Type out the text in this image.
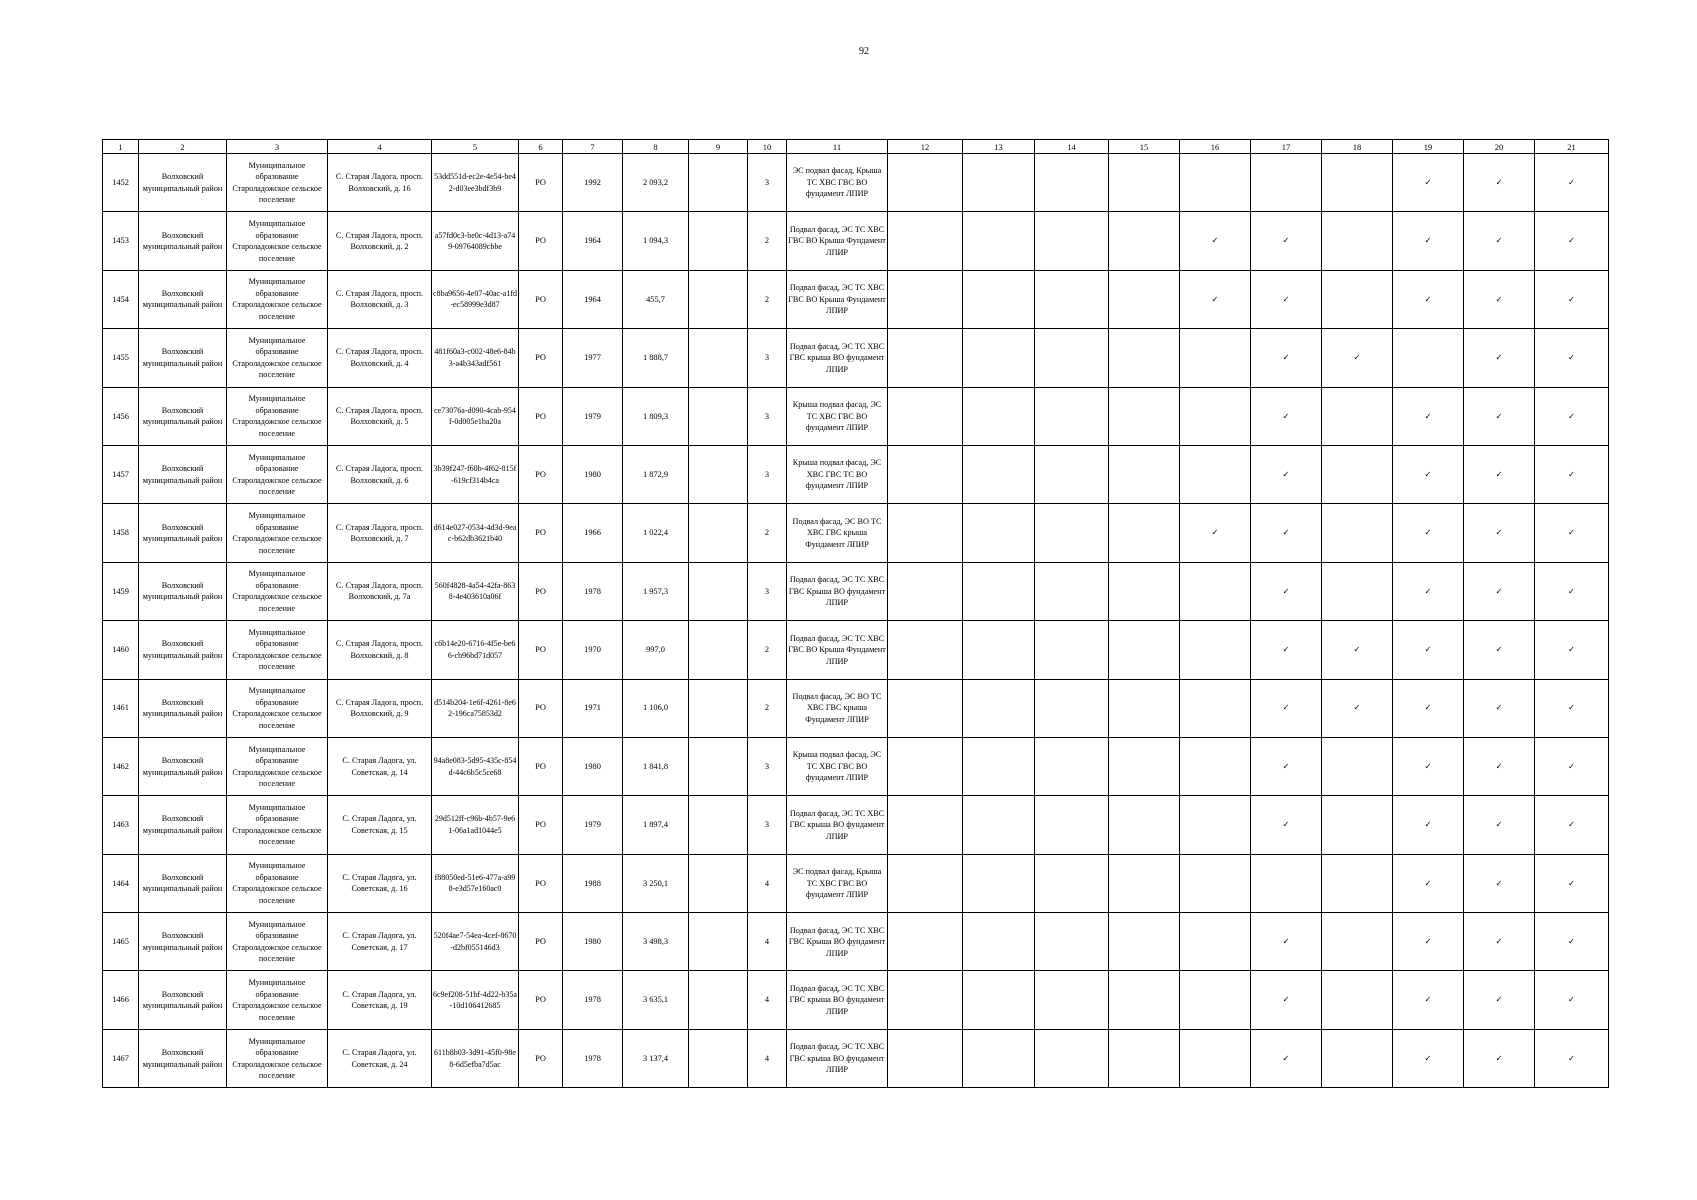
92
1	2	3	4	5	6	7	8	9	10	11	12	13	14	15	16	17	18	19	20	21
1452	Волховский муниципальный район	Муниципальное образование Староладожское сельское поселение	С. Старая Ладога, просп. Волховский, д. 16	53dd551d-ec2e-4e54-be42-d03ee3bdf3b9	РО	1992	2 093,2		3	ЭС подвал фасад, Крыша ТС ХВС ГВС ВО фундамент ЛПИР								✓	✓	✓
1453	Волховский муниципальный район	Муниципальное образование Староладожское сельское поселение	С. Старая Ладога, просп. Волховский, д. 2	a57fd0c3-be0c-4d13-a749-09764089cbbe	РО	1964	1 094,3		2	Подвал фасад, ЭС ТС ХВС ГВС ВО Крыша Фундамент ЛПИР					✓	✓		✓	✓	✓
1454	Волховский муниципальный район	Муниципальное образование Староладожское сельское поселение	С. Старая Ладога, просп. Волховский, д. 3	c8ba9656-4e07-40ac-a1fd-ec58999e3d87	РО	1964	455,7		2	Подвал фасад, ЭС ТС ХВС ГВС ВО Крыша Фундамент ЛПИР					✓	✓		✓	✓	✓
1455	Волховский муниципальный район	Муниципальное образование Староладожское сельское поселение	С. Старая Ладога, просп. Волховский, д. 4	481f60a3-c002-48e6-84b3-a4b343adf561	РО	1977	1 888,7		3	Подвал фасад, ЭС ТС ХВС ГВС крыша ВО фундамент ЛПИР						✓	✓		✓	✓
1456	Волховский муниципальный район	Муниципальное образование Староладожское сельское поселение	С. Старая Ладога, просп. Волховский, д. 5	ce73076a-d090-4cab-954f-0d005e1ba20a	РО	1979	1 809,3		3	Крыша подвал фасад, ЭС ТС ХВС ГВС ВО фундамент ЛПИР						✓		✓	✓	✓
1457	Волховский муниципальный район	Муниципальное образование Староладожское сельское поселение	С. Старая Ладога, просп. Волховский, д. 6	3b39f247-f60b-4f62-815f-619cf314b4ca	РО	1980	1 872,9		3	Крыша подвал фасад, ЭС ХВС ГВС ТС ВО фундамент ЛПИР						✓		✓	✓	✓
1458	Волховский муниципальный район	Муниципальное образование Староладожское сельское поселение	С. Старая Ладога, просп. Волховский, д. 7	d614e027-0534-4d3d-9eac-b62db3621b40	РО	1966	1 022,4		2	Подвал фасад, ЭС ВО ТС ХВС ГВС крыша Фундамент ЛПИР					✓	✓		✓	✓	✓
1459	Волховский муниципальный район	Муниципальное образование Староладожское сельское поселение	С. Старая Ладога, просп. Волховский, д. 7а	560f4828-4a54-42fa-8638-4e403610a06f	РО	1978	1 957,3		3	Подвал фасад, ЭС ТС ХВС ГВС Крыша ВО фундамент ЛПИР						✓		✓	✓	✓
1460	Волховский муниципальный район	Муниципальное образование Староладожское сельское поселение	С. Старая Ладога, просп. Волховский, д. 8	c6b14e20-6716-4f5e-be66-cb96bd71d057	РО	1970	997,0		2	Подвал фасад, ЭС ТС ХВС ГВС ВО Крыша Фундамент ЛПИР						✓	✓	✓	✓	✓
1461	Волховский муниципальный район	Муниципальное образование Староладожское сельское поселение	С. Старая Ладога, просп. Волховский, д. 9	d514b204-1e6f-4261-8e62-196ca75853d2	РО	1971	1 106,0		2	Подвал фасад, ЭС ВО ТС ХВС ГВС крыша Фундамент ЛПИР						✓	✓	✓	✓	✓
1462	Волховский муниципальный район	Муниципальное образование Староладожское сельское поселение	С. Старая Ладога, ул. Советская, д. 14	94a8e083-5d95-435c-854d-44c6b5c5ce68	РО	1980	1 841,8		3	Крыша подвал фасад, ЭС ТС ХВС ГВС ВО фундамент ЛПИР						✓		✓	✓	✓
1463	Волховский муниципальный район	Муниципальное образование Староладожское сельское поселение	С. Старая Ладога, ул. Советская, д. 15	29d512ff-c96b-4b57-9e61-06a1ad1044e5	РО	1979	1 897,4		3	Подвал фасад, ЭС ТС ХВС ГВС крыша ВО фундамент ЛПИР						✓		✓	✓	✓
1464	Волховский муниципальный район	Муниципальное образование Староладожское сельское поселение	С. Старая Ладога, ул. Советская, д. 16	f88050ed-51e6-477a-a998-e3d57e160ac0	РО	1988	3 250,1		4	ЭС подвал фасад, Крыша ТС ХВС ГВС ВО фундамент ЛПИР								✓	✓	✓
1465	Волховский муниципальный район	Муниципальное образование Староладожское сельское поселение	С. Старая Ладога, ул. Советская, д. 17	520f4ae7-54ea-4cef-8670-d2bf055146d3	РО	1980	3 498,3		4	Подвал фасад, ЭС ТС ХВС ГВС Крыша ВО фундамент ЛПИР						✓		✓	✓	✓
1466	Волховский муниципальный район	Муниципальное образование Староладожское сельское поселение	С. Старая Ладога, ул. Советская, д. 19	6c9ef208-51bf-4d22-b35a-10d106412685	РО	1978	3 635,1		4	Подвал фасад, ЭС ТС ХВС ГВС крыша ВО фундамент ЛПИР						✓		✓	✓	✓
1467	Волховский муниципальный район	Муниципальное образование Староладожское сельское поселение	С. Старая Ладога, ул. Советская, д. 24	611b8b03-3d91-45f0-98e8-6d5efba7d5ac	РО	1978	3 137,4		4	Подвал фасад, ЭС ТС ХВС ГВС крыша ВО фундамент ЛПИР						✓		✓	✓	✓
